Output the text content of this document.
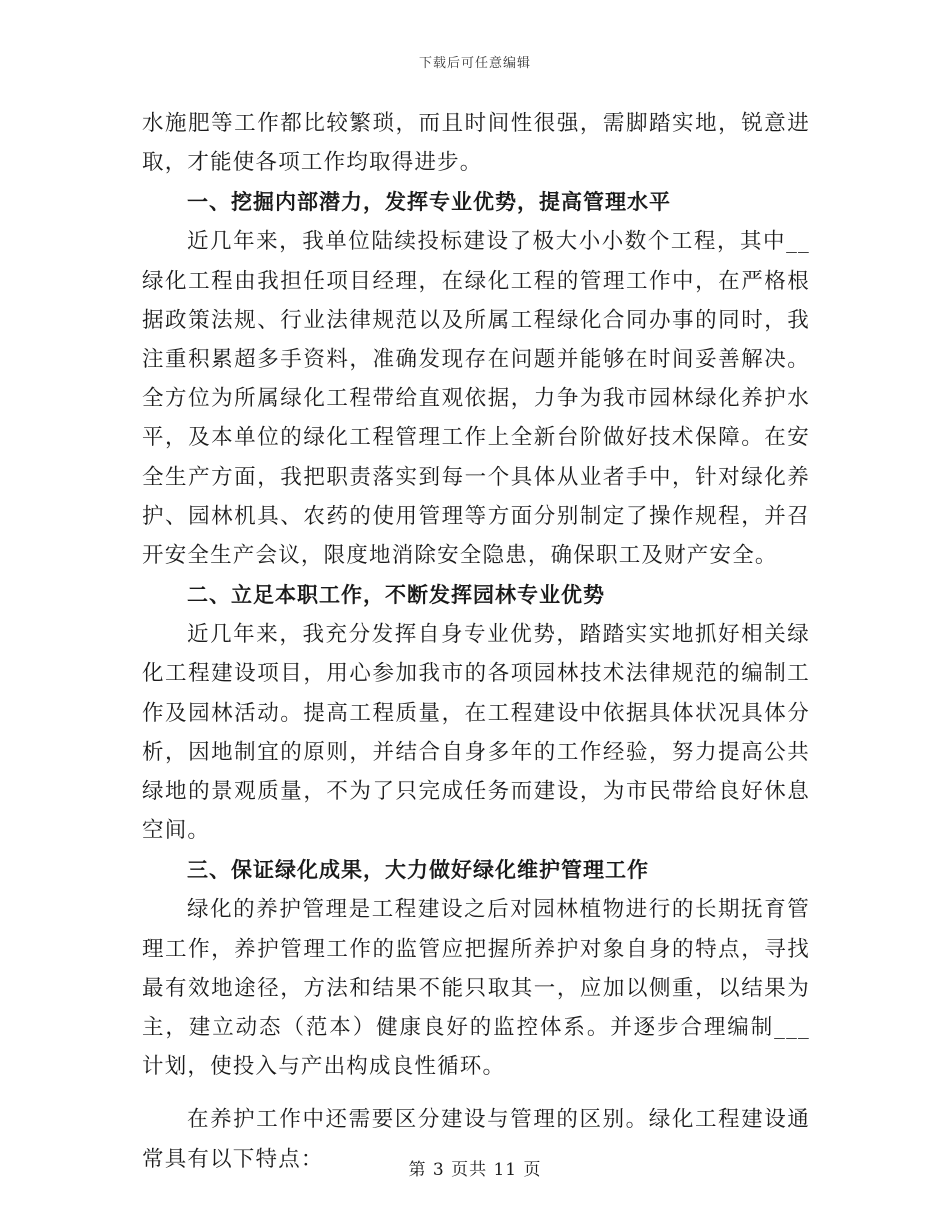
下载后可任意编辑

水施肥等工作都比较繁琐，而且时间性很强，需脚踏实地，锐意进取，才能使各项工作均取得进步。

一、挖掘内部潜力，发挥专业优势，提高管理水平

近几年来，我单位陆续投标建设了极大小小数个工程，其中__绿化工程由我担任项目经理，在绿化工程的管理工作中，在严格根据政策法规、行业法律规范以及所属工程绿化合同办事的同时，我注重积累超多手资料，准确发现存在问题并能够在时间妥善解决。全方位为所属绿化工程带给直观依据，力争为我市园林绿化养护水平，及本单位的绿化工程管理工作上全新台阶做好技术保障。在安全生产方面，我把职责落实到每一个具体从业者手中，针对绿化养护、园林机具、农药的使用管理等方面分别制定了操作规程，并召开安全生产会议，限度地消除安全隐患，确保职工及财产安全。

二、立足本职工作，不断发挥园林专业优势

近几年来，我充分发挥自身专业优势，踏踏实实地抓好相关绿化工程建设项目，用心参加我市的各项园林技术法律规范的编制工作及园林活动。提高工程质量，在工程建设中依据具体状况具体分析，因地制宜的原则，并结合自身多年的工作经验，努力提高公共绿地的景观质量，不为了只完成任务而建设，为市民带给良好休息空间。

三、保证绿化成果，大力做好绿化维护管理工作

绿化的养护管理是工程建设之后对园林植物进行的长期抚育管理工作，养护管理工作的监管应把握所养护对象自身的特点，寻找最有效地途径，方法和结果不能只取其一，应加以侧重，以结果为主，建立动态（范本）健康良好的监控体系。并逐步合理编制___计划，使投入与产出构成良性循环。

在养护工作中还需要区分建设与管理的区别。绿化工程建设通常具有以下特点：	第 3 页共 11 页
